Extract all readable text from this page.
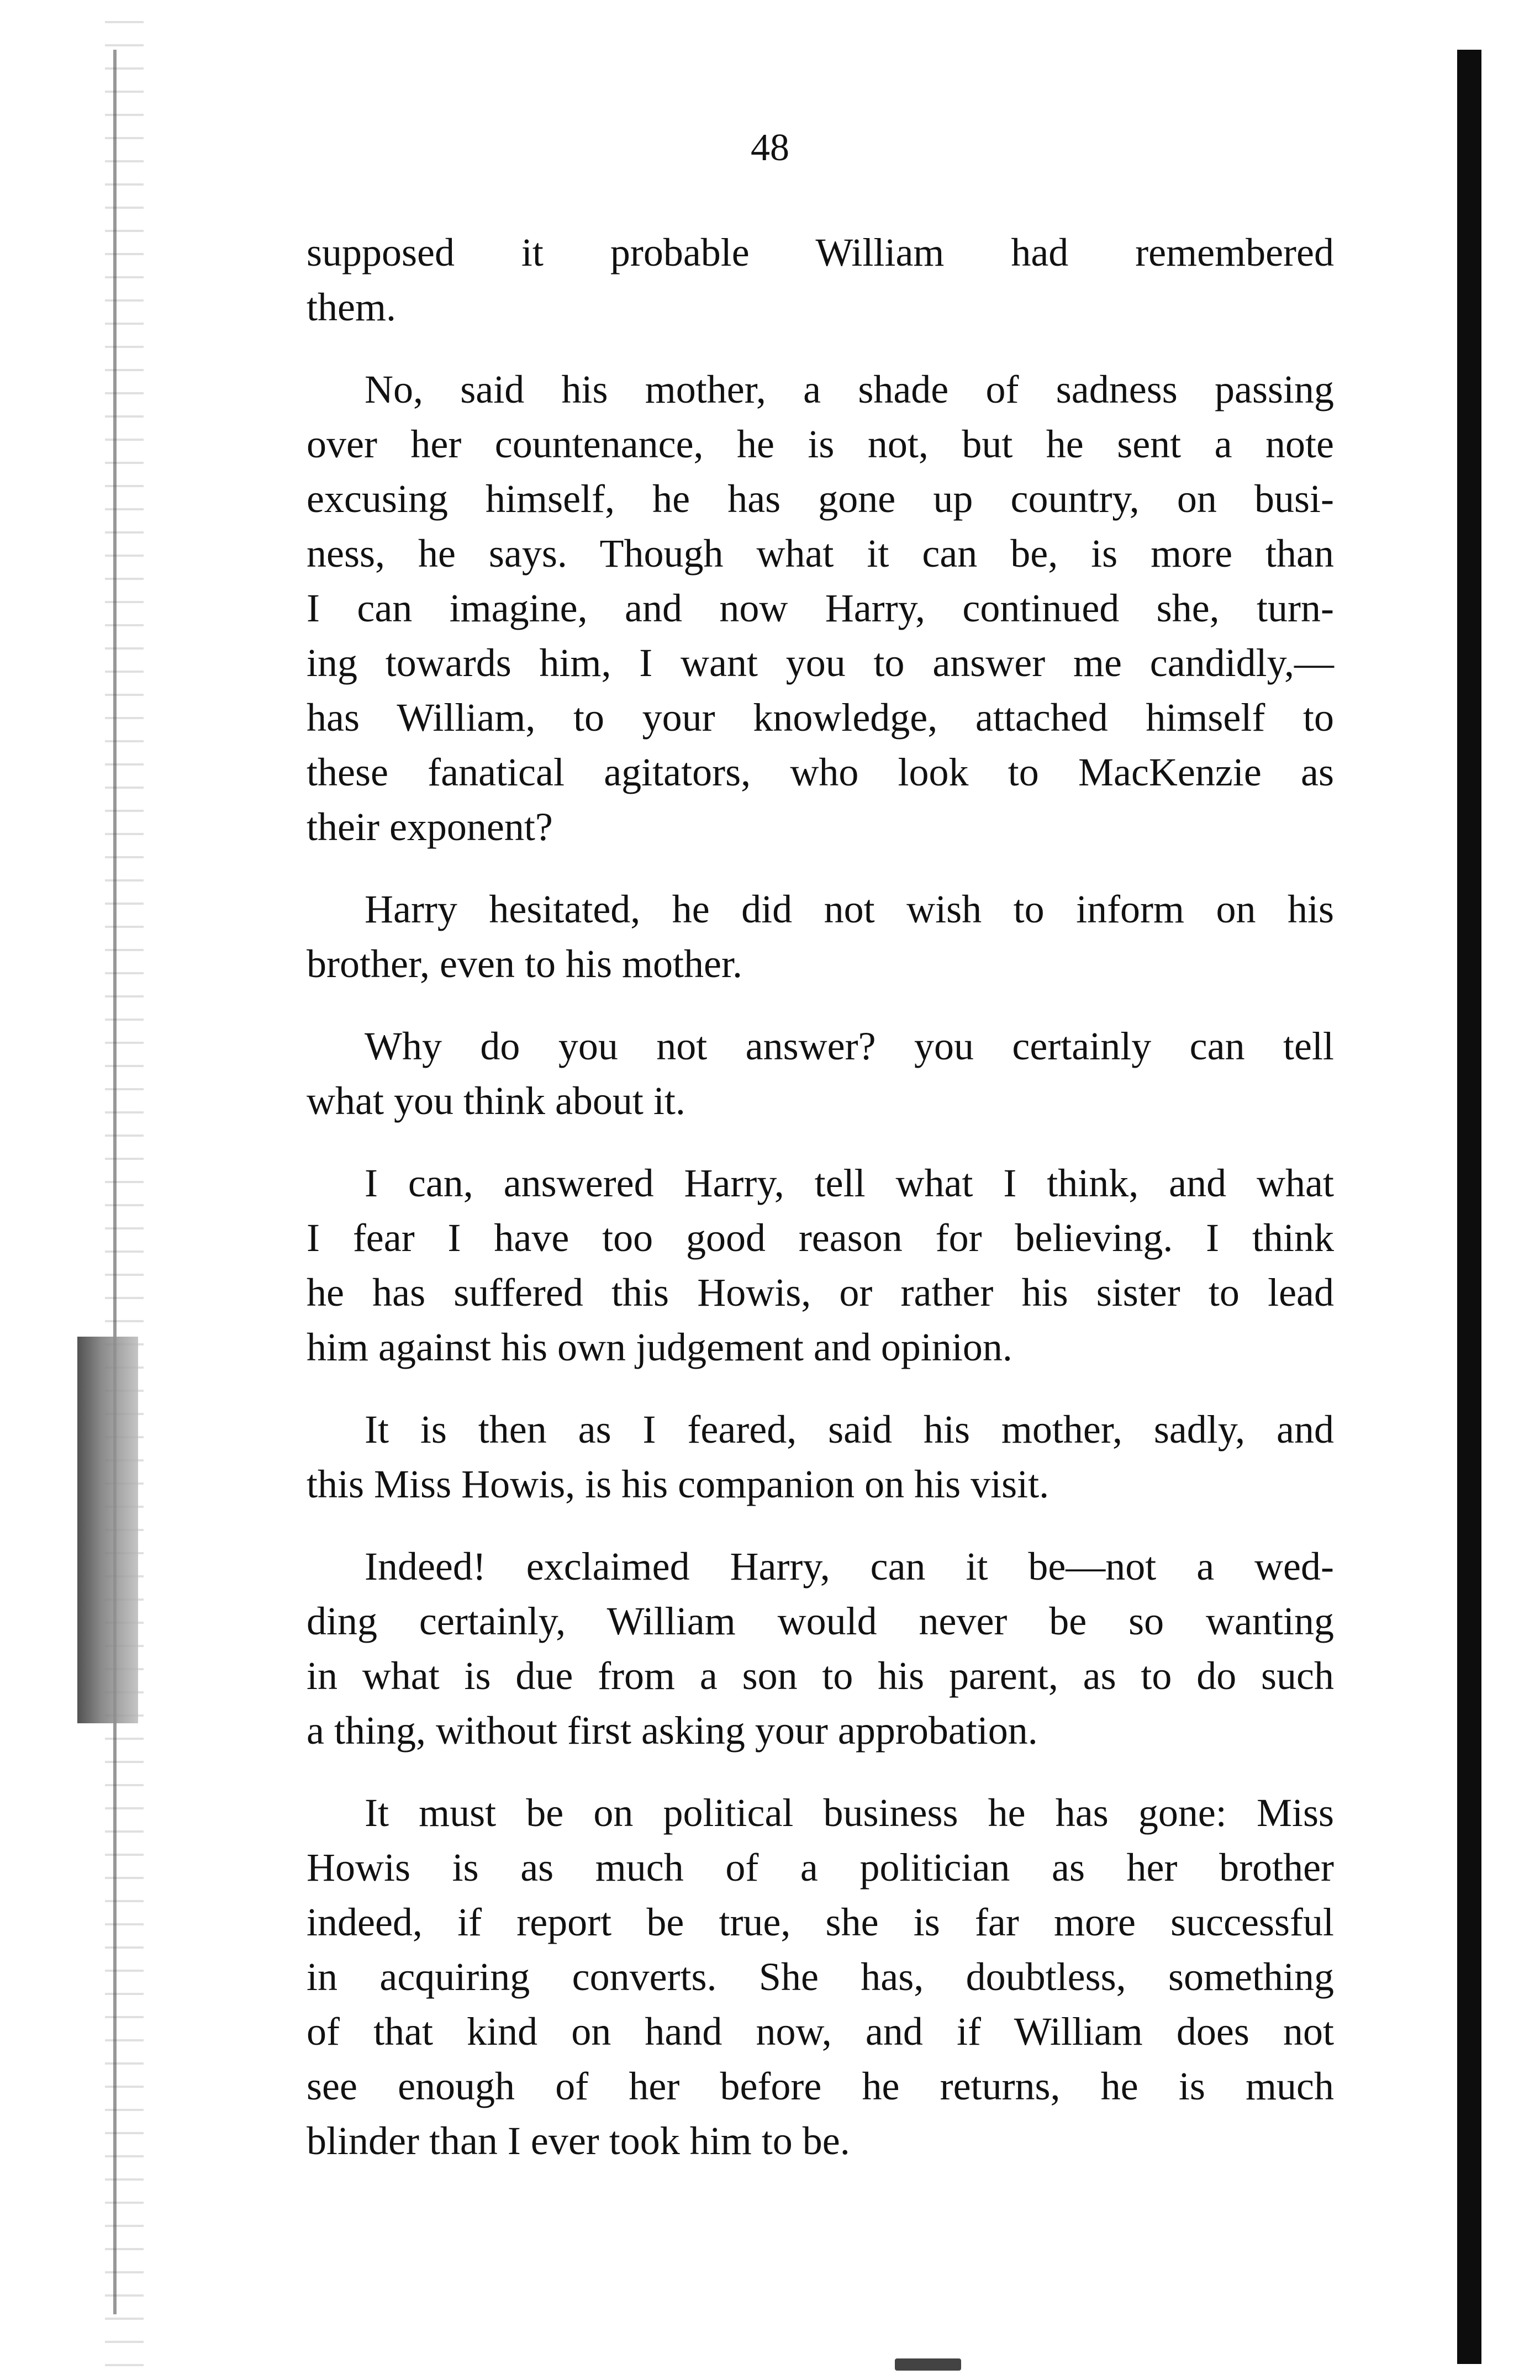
48
supposed it probable William had remembered
them.
No, said his mother, a shade of sadness passing
over her countenance, he is not, but he sent a note
excusing himself, he has gone up country, on busi-
ness, he says. Though what it can be, is more than
I can imagine, and now Harry, continued she, turn-
ing towards him, I want you to answer me candidly,—
has William, to your knowledge, attached himself to
these fanatical agitators, who look to MacKenzie as
their exponent?
Harry hesitated, he did not wish to inform on his
brother, even to his mother.
Why do you not answer? you certainly can tell
what you think about it.
I can, answered Harry, tell what I think, and what
I fear I have too good reason for believing. I think
he has suffered this Howis, or rather his sister to lead
him against his own judgement and opinion.
It is then as I feared, said his mother, sadly, and
this Miss Howis, is his companion on his visit.
Indeed! exclaimed Harry, can it be—not a wed-
ding certainly, William would never be so wanting
in what is due from a son to his parent, as to do such
a thing, without first asking your approbation.
It must be on political business he has gone: Miss
Howis is as much of a politician as her brother
indeed, if report be true, she is far more successful
in acquiring converts. She has, doubtless, something
of that kind on hand now, and if William does not
see enough of her before he returns, he is much
blinder than I ever took him to be.
